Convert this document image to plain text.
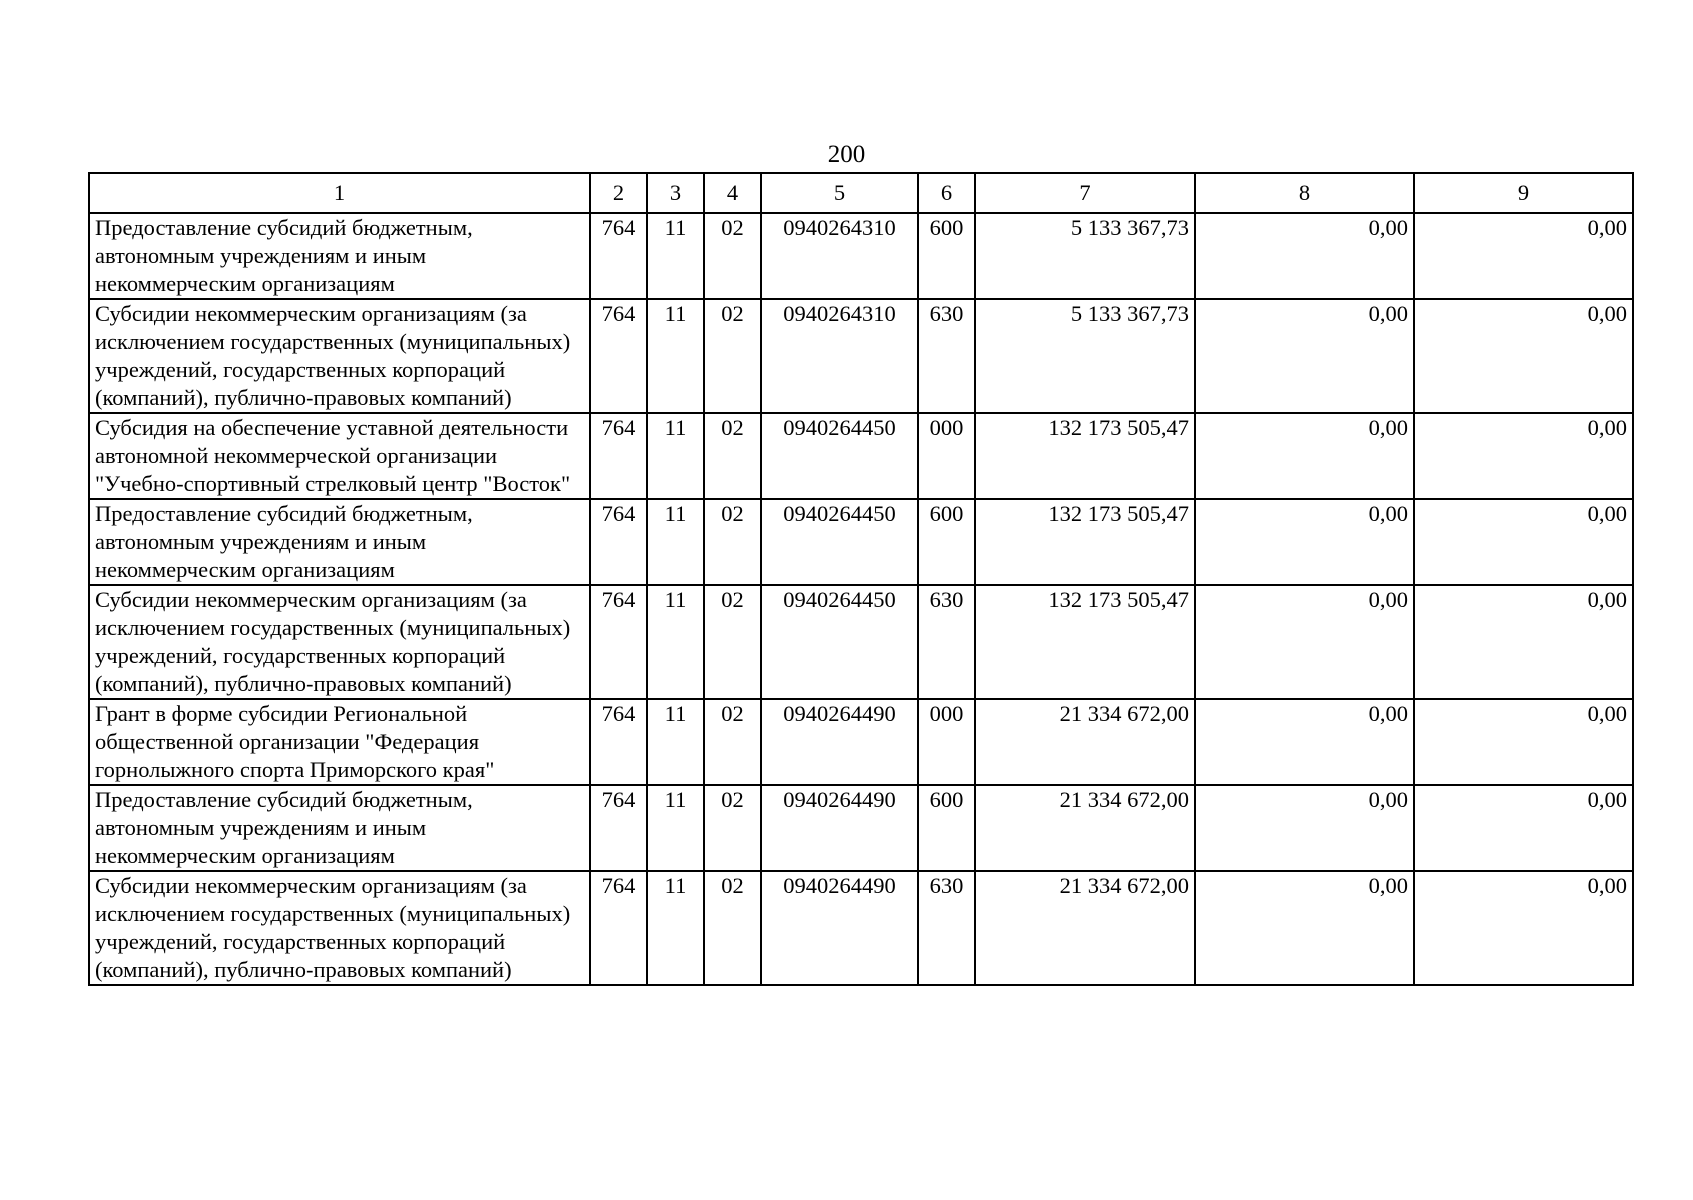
200
1	2	3	4	5	6	7	8	9
Предоставление субсидий бюджетным, автономным учреждениям и иным некоммерческим организациям	764	11	02	0940264310	600	5 133 367,73	0,00	0,00
Субсидии некоммерческим организациям (за исключением государственных (муниципальных) учреждений, государственных корпораций (компаний), публично-правовых компаний)	764	11	02	0940264310	630	5 133 367,73	0,00	0,00
Субсидия на обеспечение уставной деятельности автономной некоммерческой организации "Учебно-спортивный стрелковый центр "Восток"	764	11	02	0940264450	000	132 173 505,47	0,00	0,00
Предоставление субсидий бюджетным, автономным учреждениям и иным некоммерческим организациям	764	11	02	0940264450	600	132 173 505,47	0,00	0,00
Субсидии некоммерческим организациям (за исключением государственных (муниципальных) учреждений, государственных корпораций (компаний), публично-правовых компаний)	764	11	02	0940264450	630	132 173 505,47	0,00	0,00
Грант в форме субсидии Региональной общественной организации "Федерация горнолыжного спорта Приморского края"	764	11	02	0940264490	000	21 334 672,00	0,00	0,00
Предоставление субсидий бюджетным, автономным учреждениям и иным некоммерческим организациям	764	11	02	0940264490	600	21 334 672,00	0,00	0,00
Субсидии некоммерческим организациям (за исключением государственных (муниципальных) учреждений, государственных корпораций (компаний), публично-правовых компаний)	764	11	02	0940264490	630	21 334 672,00	0,00	0,00
